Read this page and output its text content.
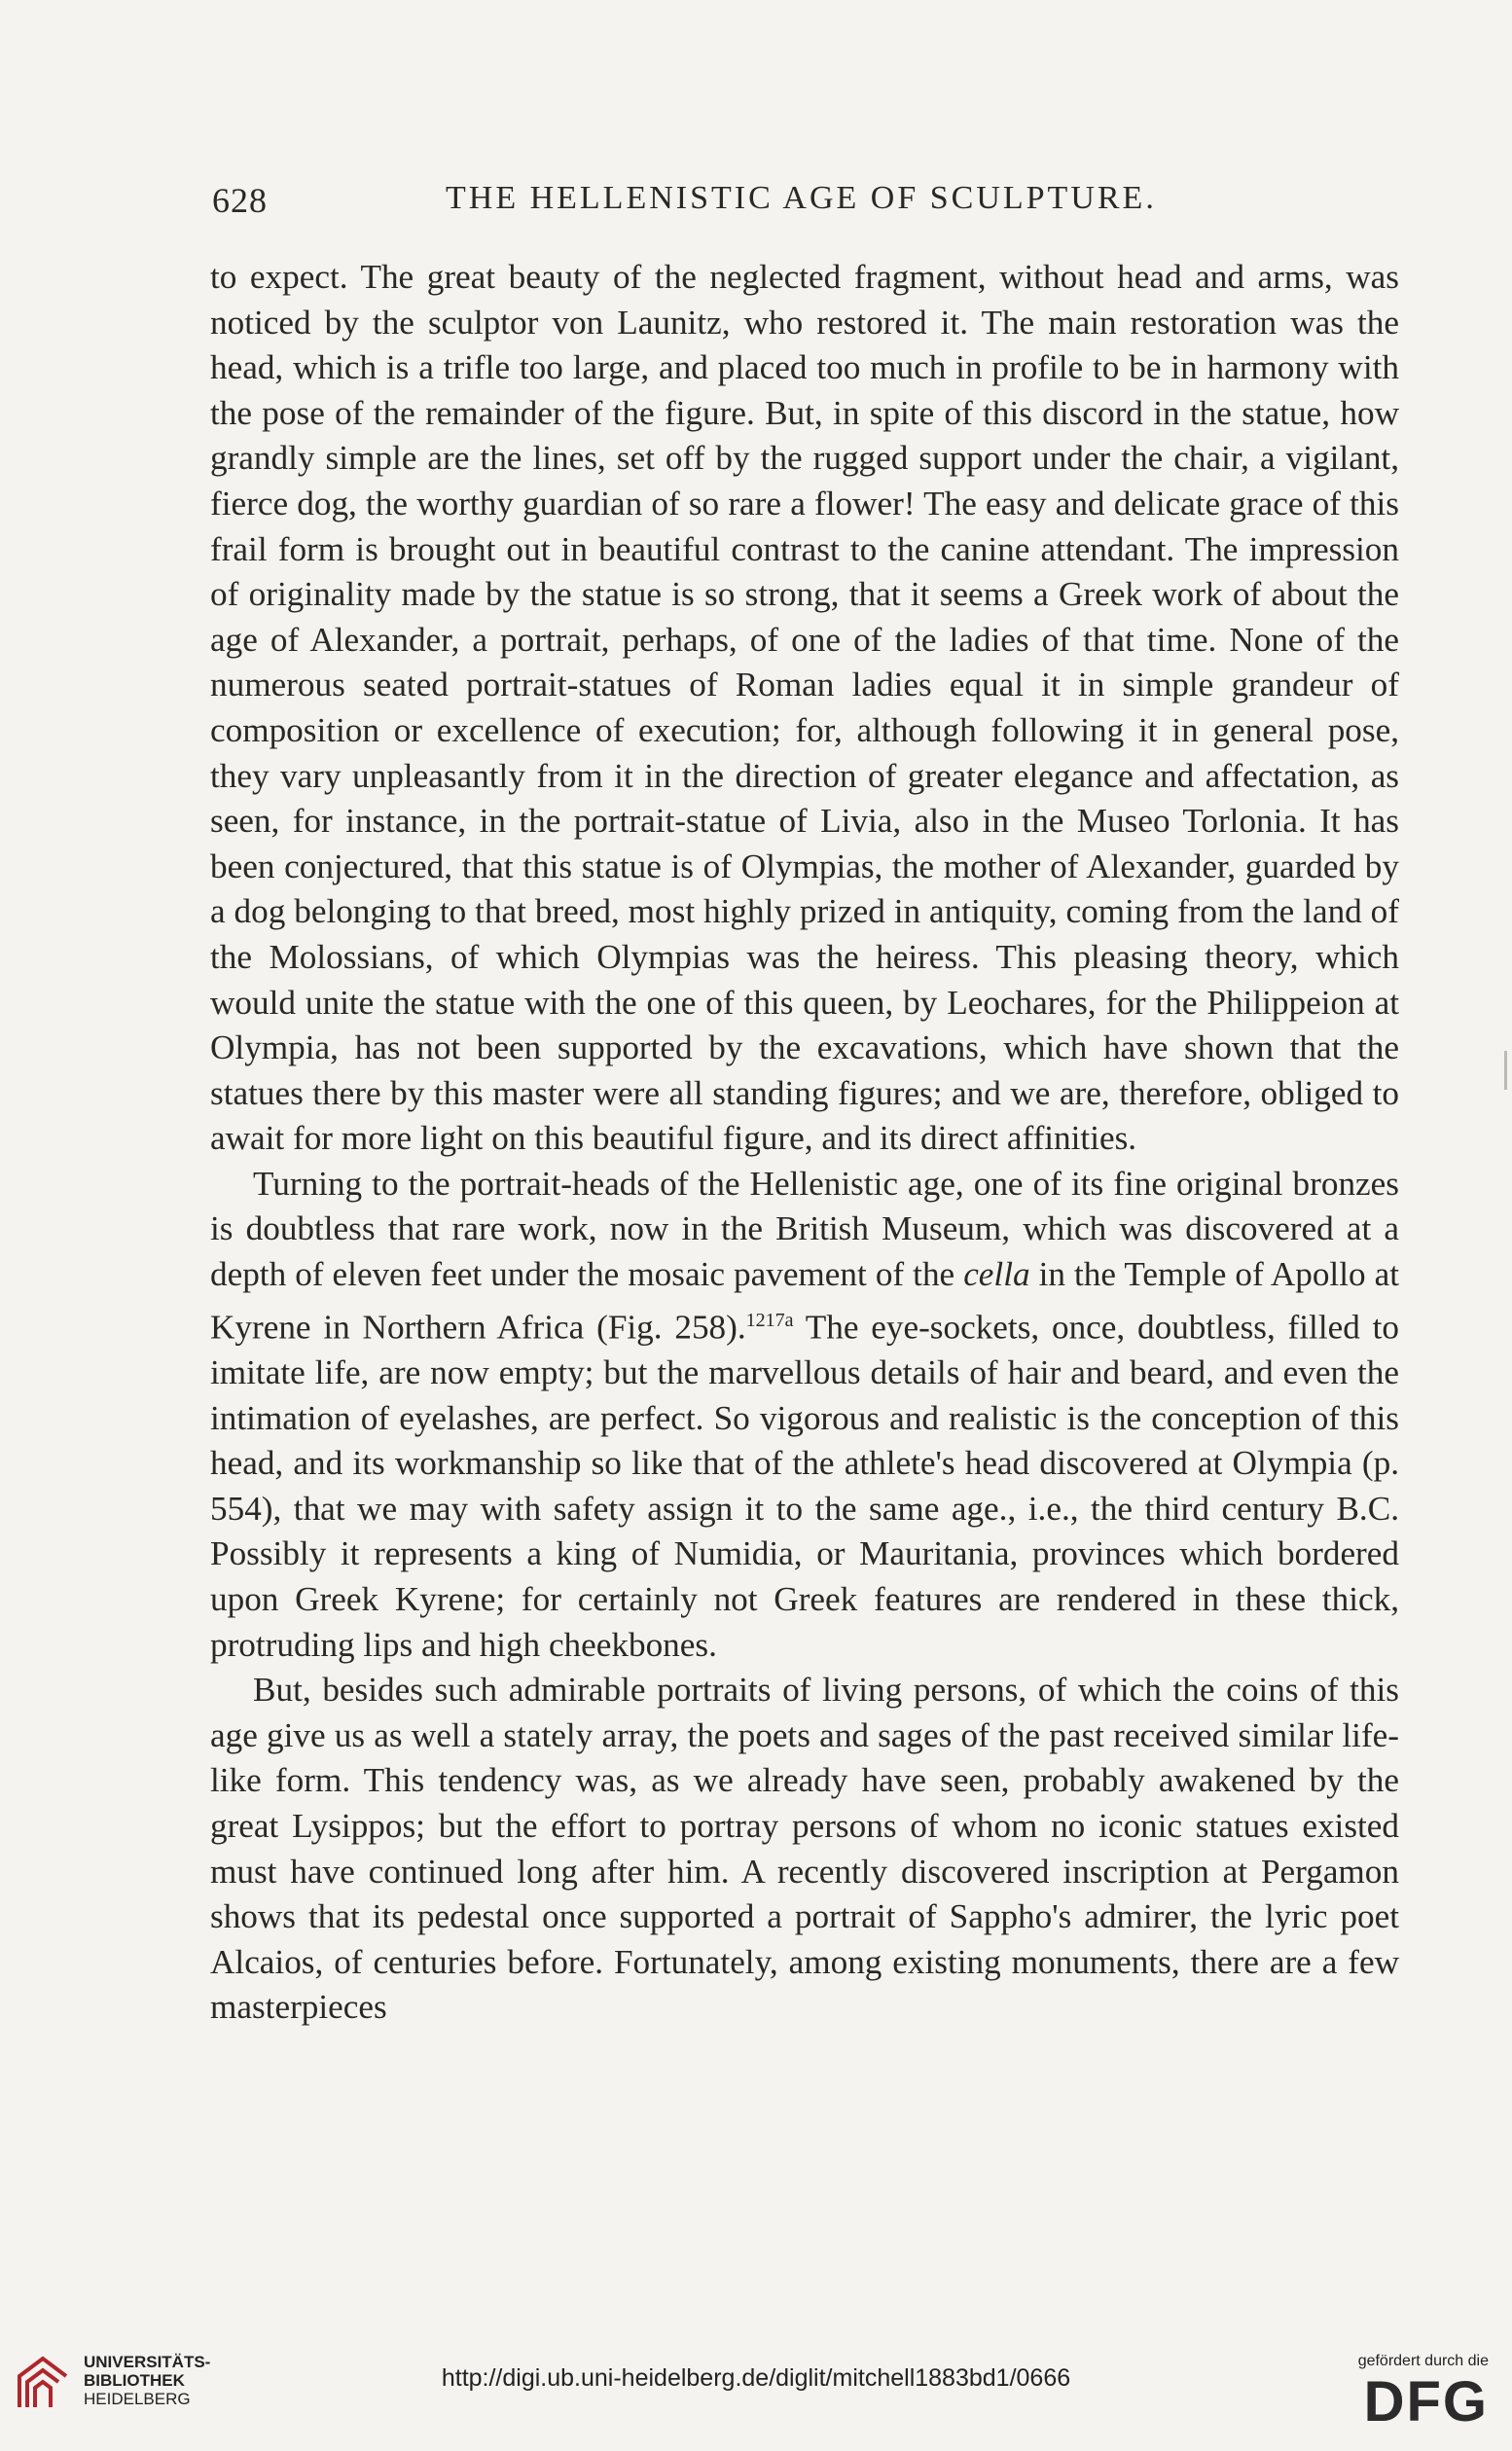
628	THE HELLENISTIC AGE OF SCULPTURE.

to expect. The great beauty of the neglected fragment, without head and arms, was noticed by the sculptor von Launitz, who restored it. The main restoration was the head, which is a trifle too large, and placed too much in profile to be in harmony with the pose of the remainder of the figure. But, in spite of this discord in the statue, how grandly simple are the lines, set off by the rugged support under the chair, a vigilant, fierce dog, the worthy guardian of so rare a flower! The easy and delicate grace of this frail form is brought out in beautiful contrast to the canine attendant. The impression of originality made by the statue is so strong, that it seems a Greek work of about the age of Alexander, a portrait, perhaps, of one of the ladies of that time. None of the numerous seated portrait-statues of Roman ladies equal it in simple grandeur of composition or excellence of execution; for, although following it in general pose, they vary unpleasantly from it in the direction of greater elegance and affectation, as seen, for instance, in the portrait-statue of Livia, also in the Museo Torlonia. It has been conjectured, that this statue is of Olympias, the mother of Alexander, guarded by a dog belonging to that breed, most highly prized in antiquity, coming from the land of the Molossians, of which Olympias was the heiress. This pleasing theory, which would unite the statue with the one of this queen, by Leochares, for the Philippeion at Olympia, has not been supported by the excavations, which have shown that the statues there by this master were all standing figures; and we are, therefore, obliged to await for more light on this beautiful figure, and its direct affinities.

Turning to the portrait-heads of the Hellenistic age, one of its fine original bronzes is doubtless that rare work, now in the British Museum, which was discovered at a depth of eleven feet under the mosaic pavement of the cella in the Temple of Apollo at Kyrene in Northern Africa (Fig. 258).$^{1217a}$ The eye-sockets, once, doubtless, filled to imitate life, are now empty; but the marvellous details of hair and beard, and even the intimation of eyelashes, are perfect. So vigorous and realistic is the conception of this head, and its workmanship so like that of the athlete's head discovered at Olympia (p. 554), that we may with safety assign it to the same age., i.e., the third century B.C. Possibly it represents a king of Numidia, or Mauritania, provinces which bordered upon Greek Kyrene; for certainly not Greek features are rendered in these thick, protruding lips and high cheekbones.

But, besides such admirable portraits of living persons, of which the coins of this age give us as well a stately array, the poets and sages of the past received similar life-like form. This tendency was, as we already have seen, probably awakened by the great Lysippos; but the effort to portray persons of whom no iconic statues existed must have continued long after him. A recently discovered inscription at Pergamon shows that its pedestal once supported a portrait of Sappho's admirer, the lyric poet Alcaios, of centuries before. Fortunately, among existing monuments, there are a few masterpieces

UNIVERSITÄTS-
BIBLIOTHEK
HEIDELBERG
http://digi.ub.uni-heidelberg.de/diglit/mitchell1883bd1/0666
gefördert durch die
DFG
